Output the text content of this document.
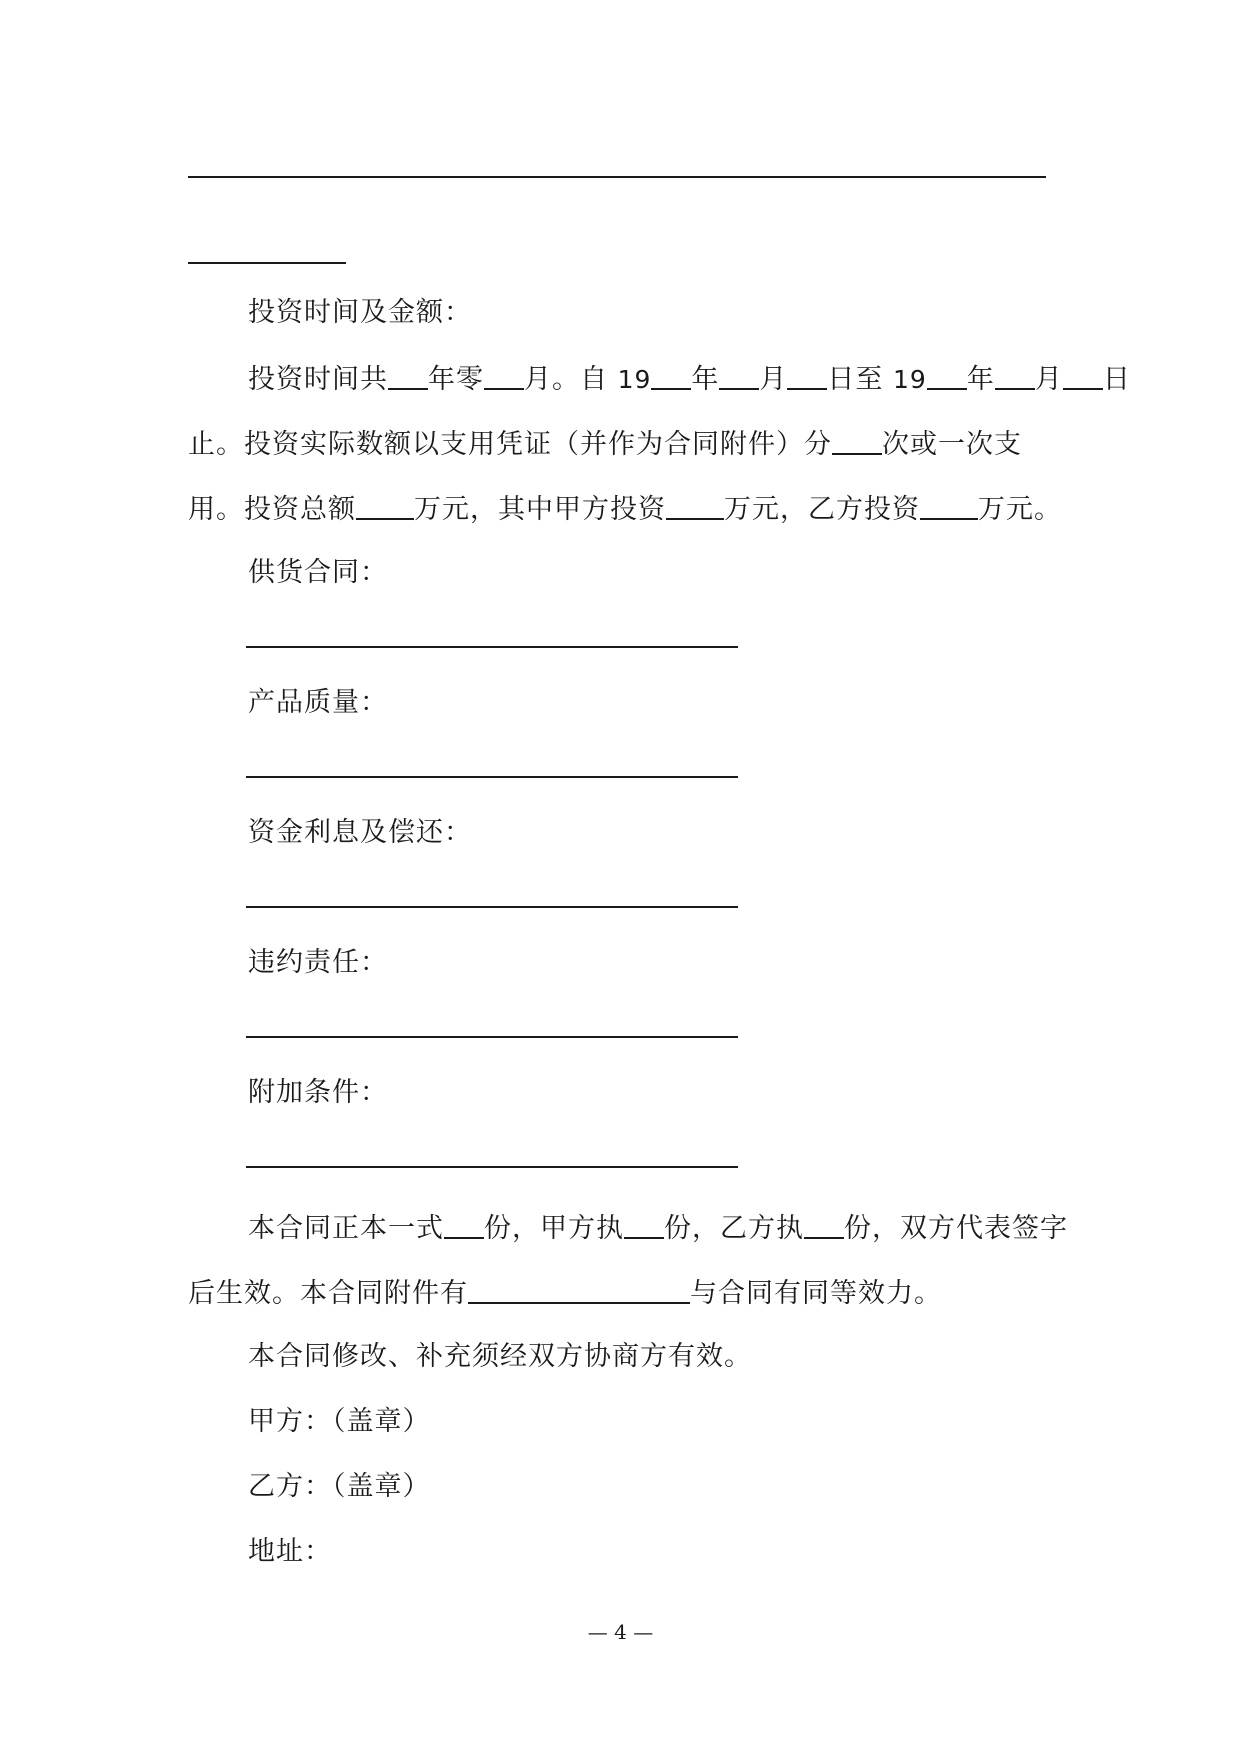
投资时间及金额：
投资时间共 年零 月。自 19 年 月 日至 19 年 月 日
止。投资实际数额以支用凭证（并作为合同附件）分 次或一次支
用。投资总额 万元，其中甲方投资 万元，乙方投资 万元。
供货合同：
产品质量：
资金利息及偿还：
违约责任：
附加条件：
本合同正本一式 份，甲方执 份，乙方执 份，双方代表签字
后生效。本合同附件有	与合同有同等效力。
本合同修改、补充须经双方协商方有效。
甲方：（盖章）
乙方：（盖章）
地址：
— 4 —
